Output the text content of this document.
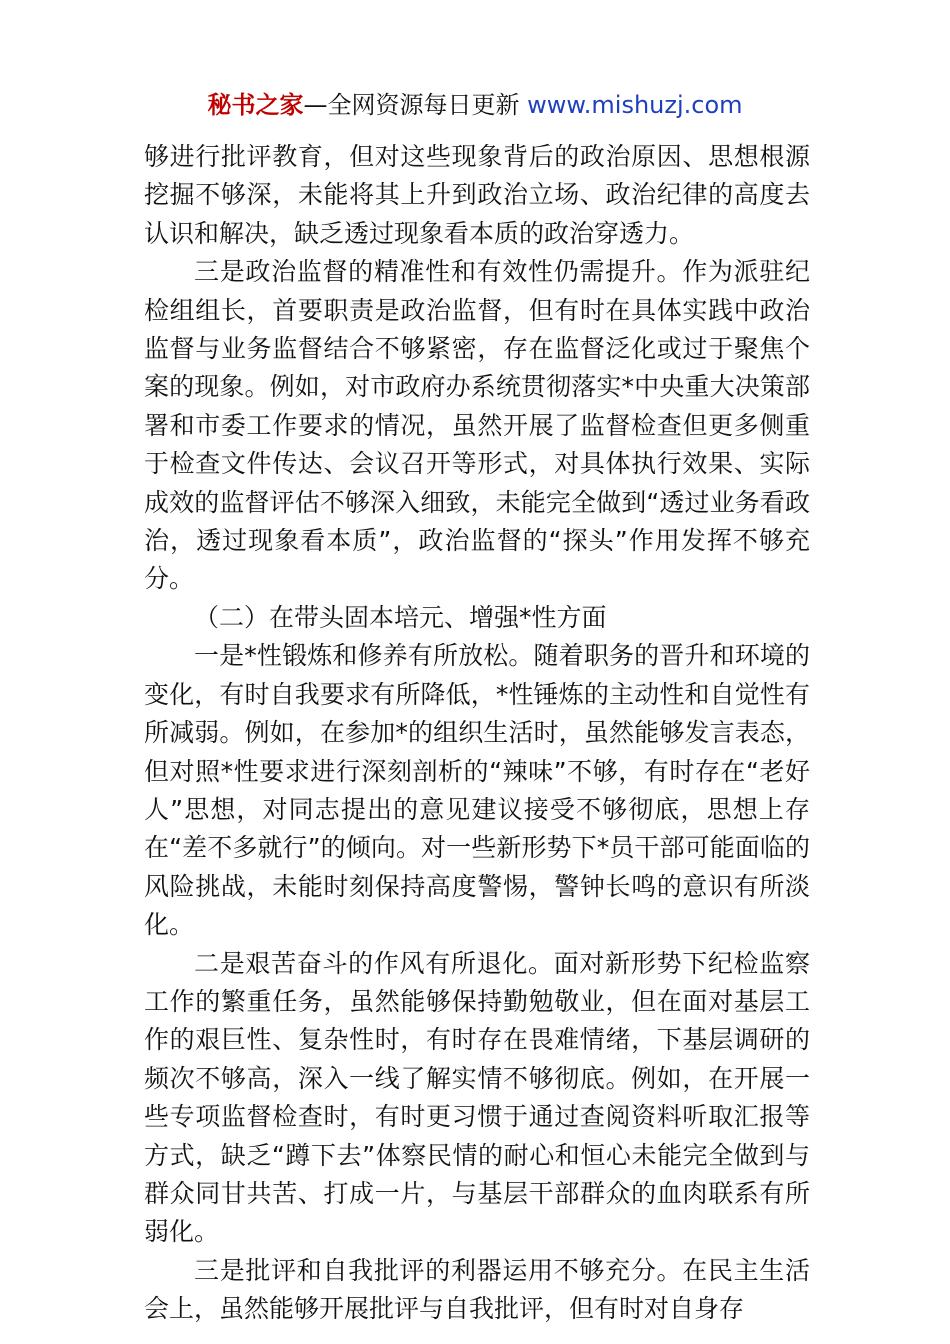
秘书之家—全网资源每日更新 www.mishuzj.com

够进行批评教育，但对这些现象背后的政治原因、思想根源挖掘不够深，未能将其上升到政治立场、政治纪律的高度去认识和解决，缺乏透过现象看本质的政治穿透力。

三是政治监督的精准性和有效性仍需提升。作为派驻纪检组组长，首要职责是政治监督，但有时在具体实践中政治监督与业务监督结合不够紧密，存在监督泛化或过于聚焦个案的现象。例如，对市政府办系统贯彻落实*中央重大决策部署和市委工作要求的情况，虽然开展了监督检查但更多侧重于检查文件传达、会议召开等形式，对具体执行效果、实际成效的监督评估不够深入细致，未能完全做到“透过业务看政治，透过现象看本质”，政治监督的“探头”作用发挥不够充分。

（二）在带头固本培元、增强*性方面

一是*性锻炼和修养有所放松。随着职务的晋升和环境的变化，有时自我要求有所降低，*性锤炼的主动性和自觉性有所减弱。例如，在参加*的组织生活时，虽然能够发言表态，但对照*性要求进行深刻剖析的“辣味”不够，有时存在“老好人”思想，对同志提出的意见建议接受不够彻底，思想上存在“差不多就行”的倾向。对一些新形势下*员干部可能面临的风险挑战，未能时刻保持高度警惕，警钟长鸣的意识有所淡化。

二是艰苦奋斗的作风有所退化。面对新形势下纪检监察工作的繁重任务，虽然能够保持勤勉敬业，但在面对基层工作的艰巨性、复杂性时，有时存在畏难情绪，下基层调研的频次不够高，深入一线了解实情不够彻底。例如，在开展一些专项监督检查时，有时更习惯于通过查阅资料听取汇报等方式，缺乏“蹲下去”体察民情的耐心和恒心未能完全做到与群众同甘共苦、打成一片，与基层干部群众的血肉联系有所弱化。

三是批评和自我批评的利器运用不够充分。在民主生活会上，虽然能够开展批评与自我批评，但有时对自身存
